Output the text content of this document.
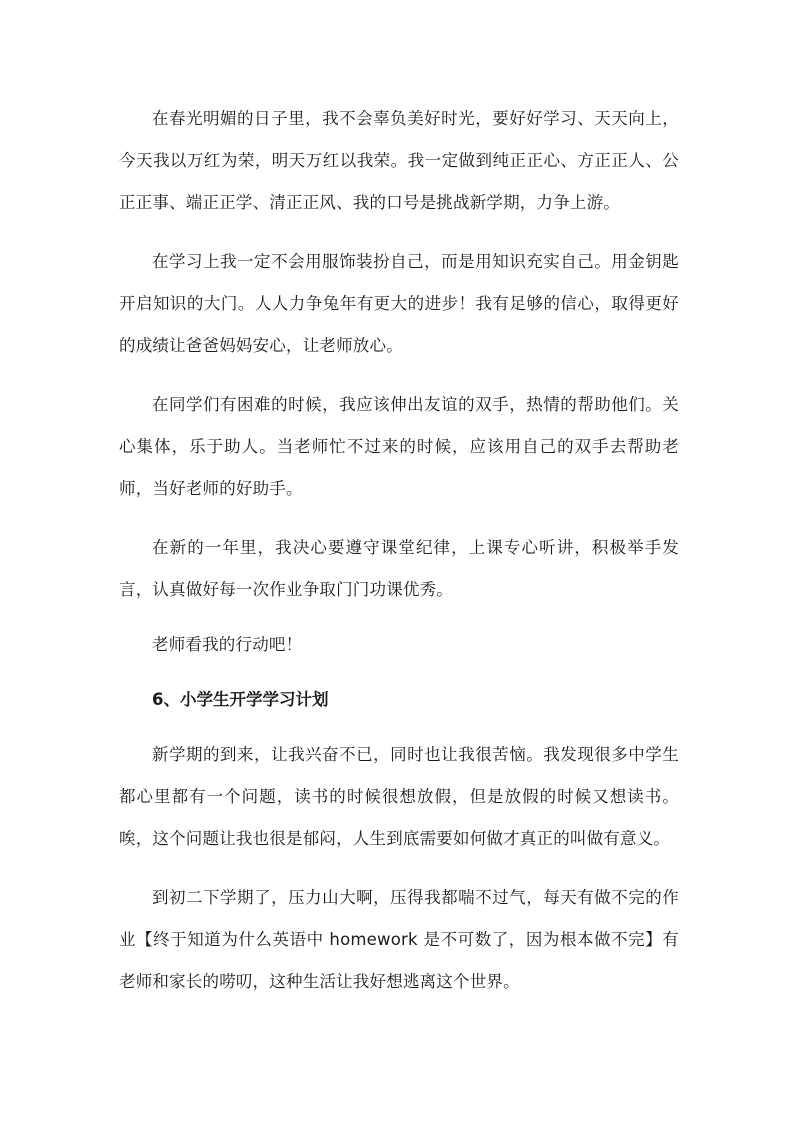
在春光明媚的日子里，我不会辜负美好时光，要好好学习、天天向上，今天我以万红为荣，明天万红以我荣。我一定做到纯正正心、方正正人、公正正事、端正正学、清正正风、我的口号是挑战新学期，力争上游。

在学习上我一定不会用服饰装扮自己，而是用知识充实自己。用金钥匙开启知识的大门。人人力争兔年有更大的进步！我有足够的信心，取得更好的成绩让爸爸妈妈安心，让老师放心。

在同学们有困难的时候，我应该伸出友谊的双手，热情的帮助他们。关心集体，乐于助人。当老师忙不过来的时候，应该用自己的双手去帮助老师，当好老师的好助手。

在新的一年里，我决心要遵守课堂纪律，上课专心听讲，积极举手发言，认真做好每一次作业争取门门功课优秀。

老师看我的行动吧！

6、小学生开学学习计划

新学期的到来，让我兴奋不已，同时也让我很苦恼。我发现很多中学生都心里都有一个问题，读书的时候很想放假，但是放假的时候又想读书。唉，这个问题让我也很是郁闷，人生到底需要如何做才真正的叫做有意义。

到初二下学期了，压力山大啊，压得我都喘不过气，每天有做不完的作业【终于知道为什么英语中 homework 是不可数了，因为根本做不完】有老师和家长的唠叨，这种生活让我好想逃离这个世界。
